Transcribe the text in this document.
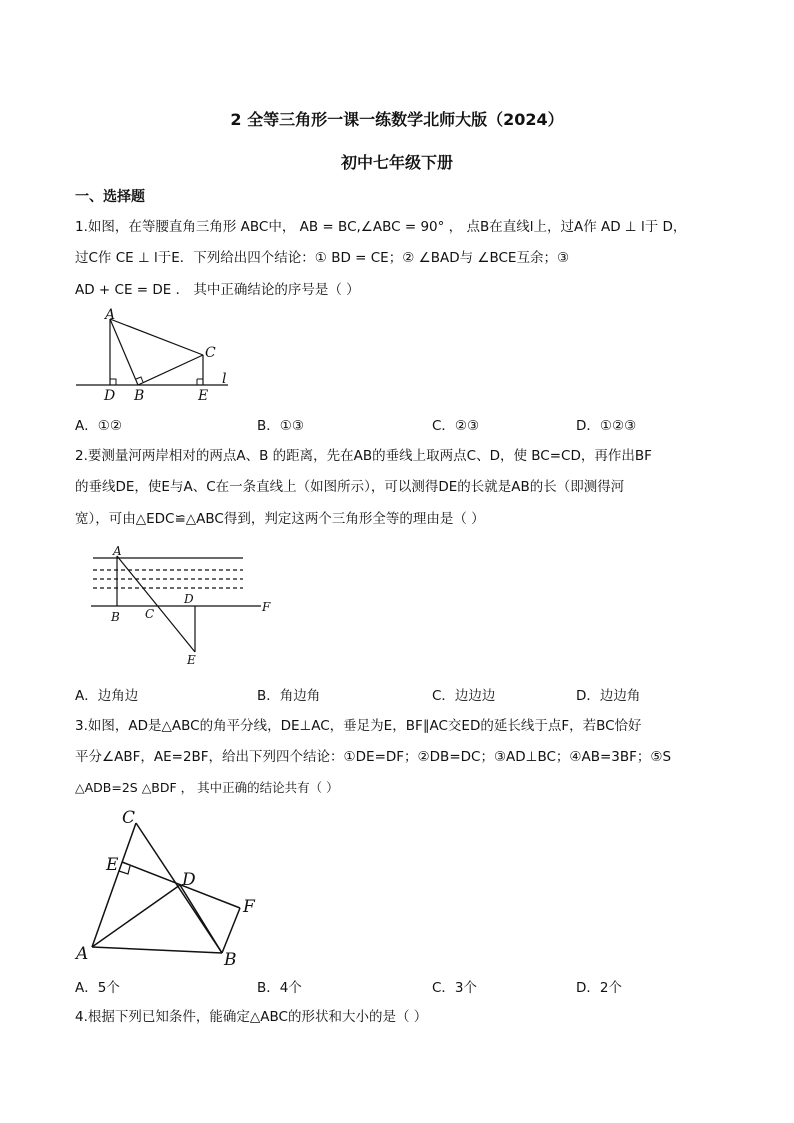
2 全等三角形一课一练数学北师大版（2024）
初中七年级下册
一、选择题
1.如图，在等腰直角三角形 ABC中， AB = BC,∠ABC = 90° ， 点B在直线l上，过A作 AD ⊥ l于 D，
过C作 CE ⊥ l于E．下列给出四个结论：① BD = CE；② ∠BAD与 ∠BCE互余；③
AD + CE = DE ． 其中正确结论的序号是（ ）
A
C
D B	E
l
A．①②	B．①③	C．②③	D．①②③
2.要测量河两岸相对的两点A、B 的距离，先在AB的垂线上取两点C、D，使 BC=CD，再作出BF
的垂线DE，使E与A、C在一条直线上（如图所示），可以测得DE的长就是AB的长（即测得河
宽），可由△EDC≌△ABC得到，判定这两个三角形全等的理由是（ ）
A
B C
D
F
E
A．边角边	B．角边角	C．边边边	D．边边角
3.如图，AD是△ABC的角平分线，DE⊥AC，垂足为E，BF∥AC交ED的延长线于点F，若BC恰好
平分∠ABF，AE=2BF，给出下列四个结论：①DE=DF；②DB=DC；③AD⊥BC；④AB=3BF；⑤S
△ADB=2S △BDF ， 其中正确的结论共有（ ）
C
E
D
F
A	B
A．5个	B．4个	C．3个	D．2个
4.根据下列已知条件，能确定△ABC的形状和大小的是（ ）
